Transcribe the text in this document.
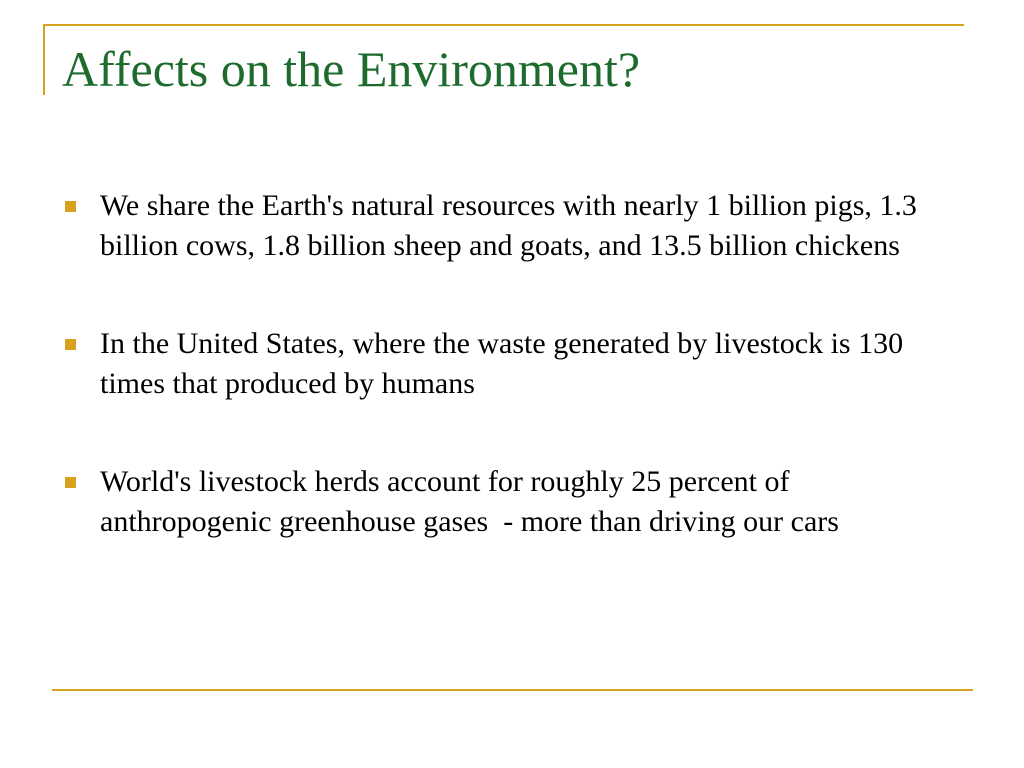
Affects on the Environment?
We share the Earth's natural resources with nearly 1 billion pigs, 1.3 billion cows, 1.8 billion sheep and goats, and 13.5 billion chickens
In the United States, where the waste generated by livestock is 130 times that produced by humans
World's livestock herds account for roughly 25 percent of anthropogenic greenhouse gases  - more than driving our cars
